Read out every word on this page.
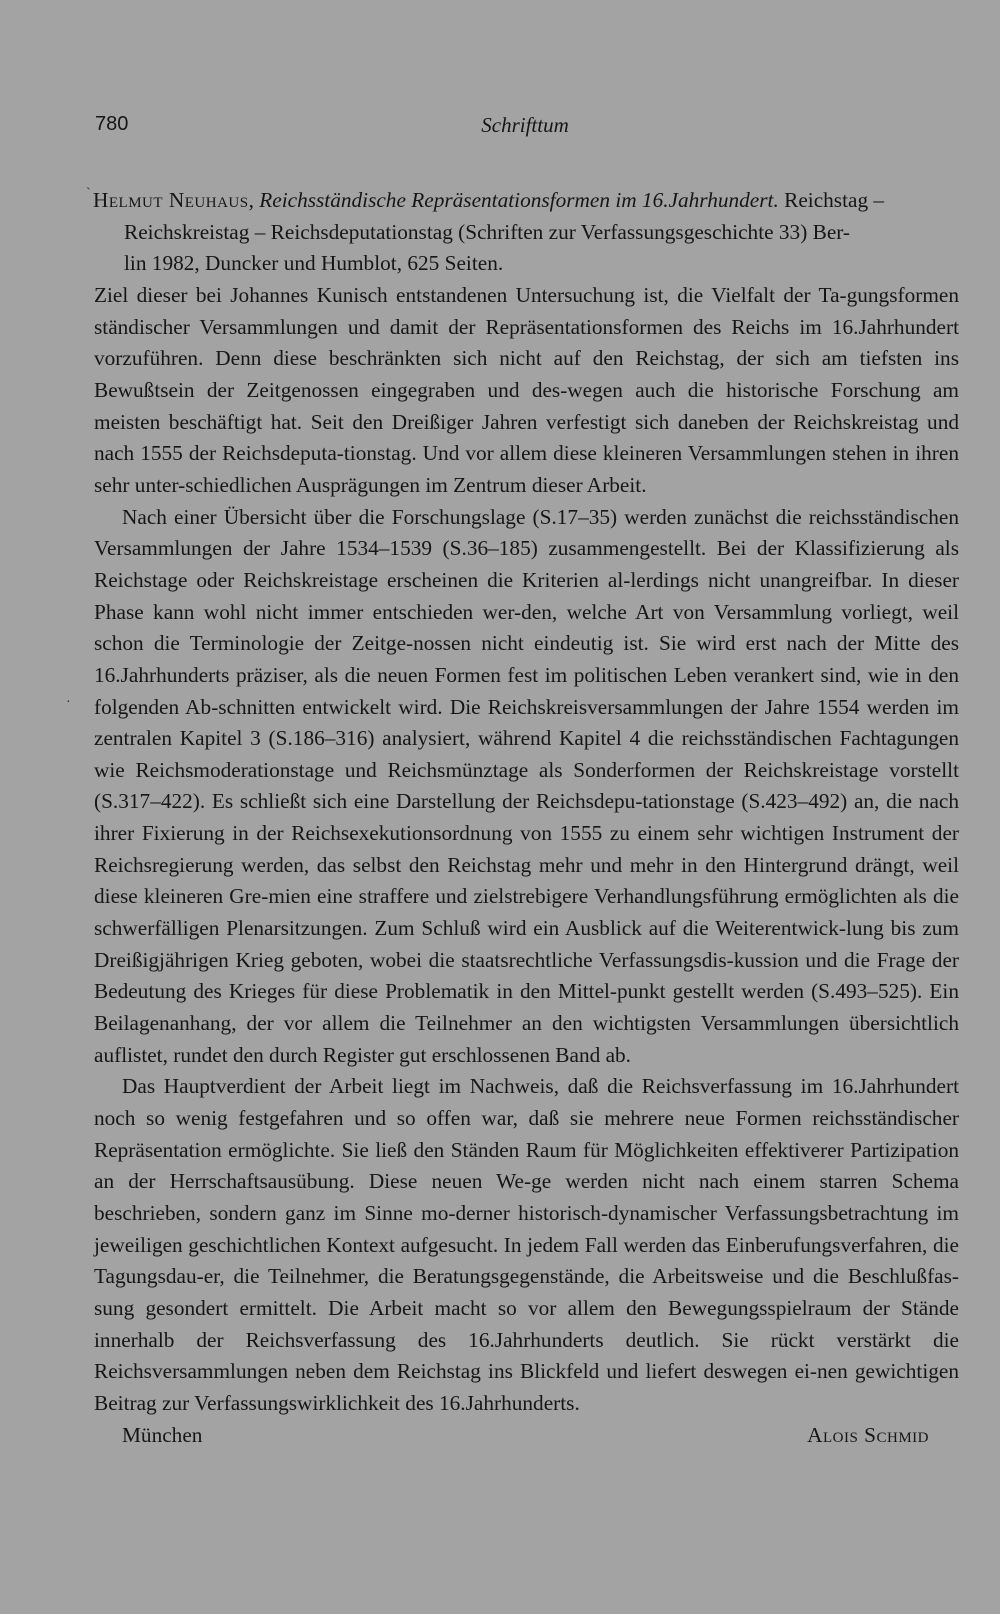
ˋ
·
780	Schrifttum

Helmut Neuhaus, Reichsständische Repräsentationsformen im 16.Jahrhundert. Reichstag –

Reichskreistag – Reichsdeputationstag (Schriften zur Verfassungsgeschichte 33) Ber-

lin 1982, Duncker und Humblot, 625 Seiten.

Ziel dieser bei Johannes Kunisch entstandenen Untersuchung ist, die Vielfalt der Ta-gungsformen ständischer Versammlungen und damit der Repräsentationsformen des Reichs im 16.Jahrhundert vorzuführen. Denn diese beschränkten sich nicht auf den Reichstag, der sich am tiefsten ins Bewußtsein der Zeitgenossen eingegraben und des-wegen auch die historische Forschung am meisten beschäftigt hat. Seit den Dreißiger Jahren verfestigt sich daneben der Reichskreistag und nach 1555 der Reichsdeputa-tionstag. Und vor allem diese kleineren Versammlungen stehen in ihren sehr unter-schiedlichen Ausprägungen im Zentrum dieser Arbeit.

Nach einer Übersicht über die Forschungslage (S.17–35) werden zunächst die reichsständischen Versammlungen der Jahre 1534–1539 (S.36–185) zusammengestellt. Bei der Klassifizierung als Reichstage oder Reichskreistage erscheinen die Kriterien al-lerdings nicht unangreifbar. In dieser Phase kann wohl nicht immer entschieden wer-den, welche Art von Versammlung vorliegt, weil schon die Terminologie der Zeitge-nossen nicht eindeutig ist. Sie wird erst nach der Mitte des 16.Jahrhunderts präziser, als die neuen Formen fest im politischen Leben verankert sind, wie in den folgenden Ab-schnitten entwickelt wird. Die Reichskreisversammlungen der Jahre 1554 werden im zentralen Kapitel 3 (S.186–316) analysiert, während Kapitel 4 die reichsständischen Fachtagungen wie Reichsmoderationstage und Reichsmünztage als Sonderformen der Reichskreistage vorstellt (S.317–422). Es schließt sich eine Darstellung der Reichsdepu-tationstage (S.423–492) an, die nach ihrer Fixierung in der Reichsexekutionsordnung von 1555 zu einem sehr wichtigen Instrument der Reichsregierung werden, das selbst den Reichstag mehr und mehr in den Hintergrund drängt, weil diese kleineren Gre-mien eine straffere und zielstrebigere Verhandlungsführung ermöglichten als die schwerfälligen Plenarsitzungen. Zum Schluß wird ein Ausblick auf die Weiterentwick-lung bis zum Dreißigjährigen Krieg geboten, wobei die staatsrechtliche Verfassungsdis-kussion und die Frage der Bedeutung des Krieges für diese Problematik in den Mittel-punkt gestellt werden (S.493–525). Ein Beilagenanhang, der vor allem die Teilnehmer an den wichtigsten Versammlungen übersichtlich auflistet, rundet den durch Register gut erschlossenen Band ab.

Das Hauptverdient der Arbeit liegt im Nachweis, daß die Reichsverfassung im 16.Jahrhundert noch so wenig festgefahren und so offen war, daß sie mehrere neue Formen reichsständischer Repräsentation ermöglichte. Sie ließ den Ständen Raum für Möglichkeiten effektiverer Partizipation an der Herrschaftsausübung. Diese neuen We-ge werden nicht nach einem starren Schema beschrieben, sondern ganz im Sinne mo-derner historisch-dynamischer Verfassungsbetrachtung im jeweiligen geschichtlichen Kontext aufgesucht. In jedem Fall werden das Einberufungsverfahren, die Tagungsdau-er, die Teilnehmer, die Beratungsgegenstände, die Arbeitsweise und die Beschlußfas-sung gesondert ermittelt. Die Arbeit macht so vor allem den Bewegungsspielraum der Stände innerhalb der Reichsverfassung des 16.Jahrhunderts deutlich. Sie rückt verstärkt die Reichsversammlungen neben dem Reichstag ins Blickfeld und liefert deswegen ei-nen gewichtigen Beitrag zur Verfassungswirklichkeit des 16.Jahrhunderts.

München	Alois Schmid
